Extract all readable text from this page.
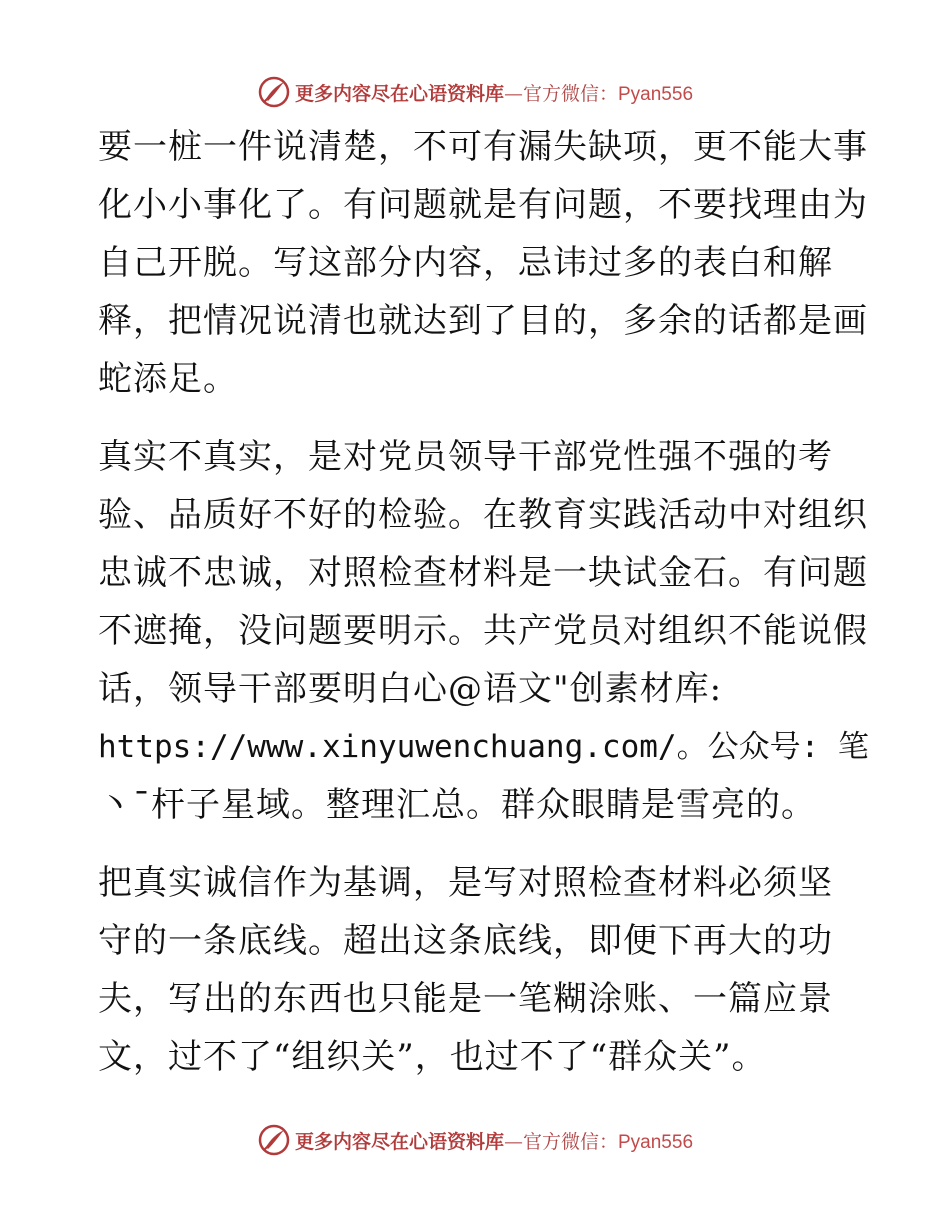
更多内容尽在心语资料库—官方微信：Pyan556
要一桩一件说清楚，不可有漏失缺项，更不能大事
化小小事化了。有问题就是有问题，不要找理由为
自己开脱。写这部分内容，忌讳过多的表白和解
释，把情况说清也就达到了目的，多余的话都是画
蛇添足。
真实不真实，是对党员领导干部党性强不强的考
验、品质好不好的检验。在教育实践活动中对组织
忠诚不忠诚，对照检查材料是一块试金石。有问题
不遮掩，没问题要明示。共产党员对组织不能说假
话，领导干部要明白心@语文"创素材库:
https://www.xinyuwenchuang.com/。公众号: 笔
丶¯杆子星域。整理汇总。群众眼睛是雪亮的。
把真实诚信作为基调，是写对照检查材料必须坚
守的一条底线。超出这条底线，即便下再大的功
夫，写出的东西也只能是一笔糊涂账、一篇应景
文，过不了“组织关”，也过不了“群众关”。
更多内容尽在心语资料库—官方微信：Pyan556
